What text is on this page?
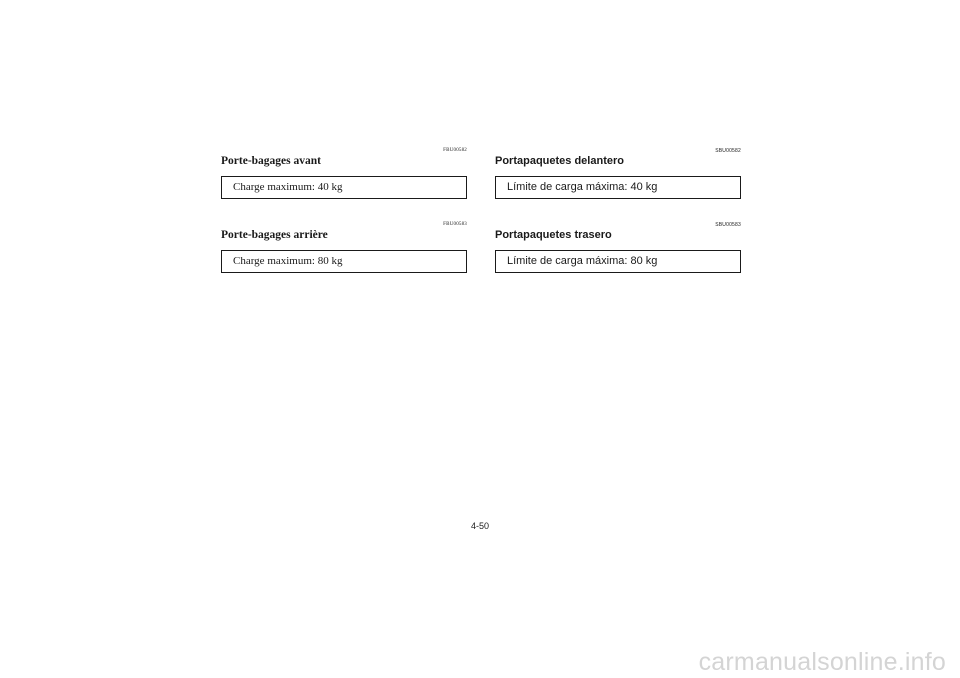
FBU00582
Porte-bagages avant
Charge maximum: 40 kg
FBU00583
Porte-bagages arrière
Charge maximum: 80 kg
SBU00582
Portapaquetes delantero
Límite de carga máxima: 40 kg
SBU00583
Portapaquetes trasero
Límite de carga máxima: 80 kg
4-50
carmanualsonline.info
